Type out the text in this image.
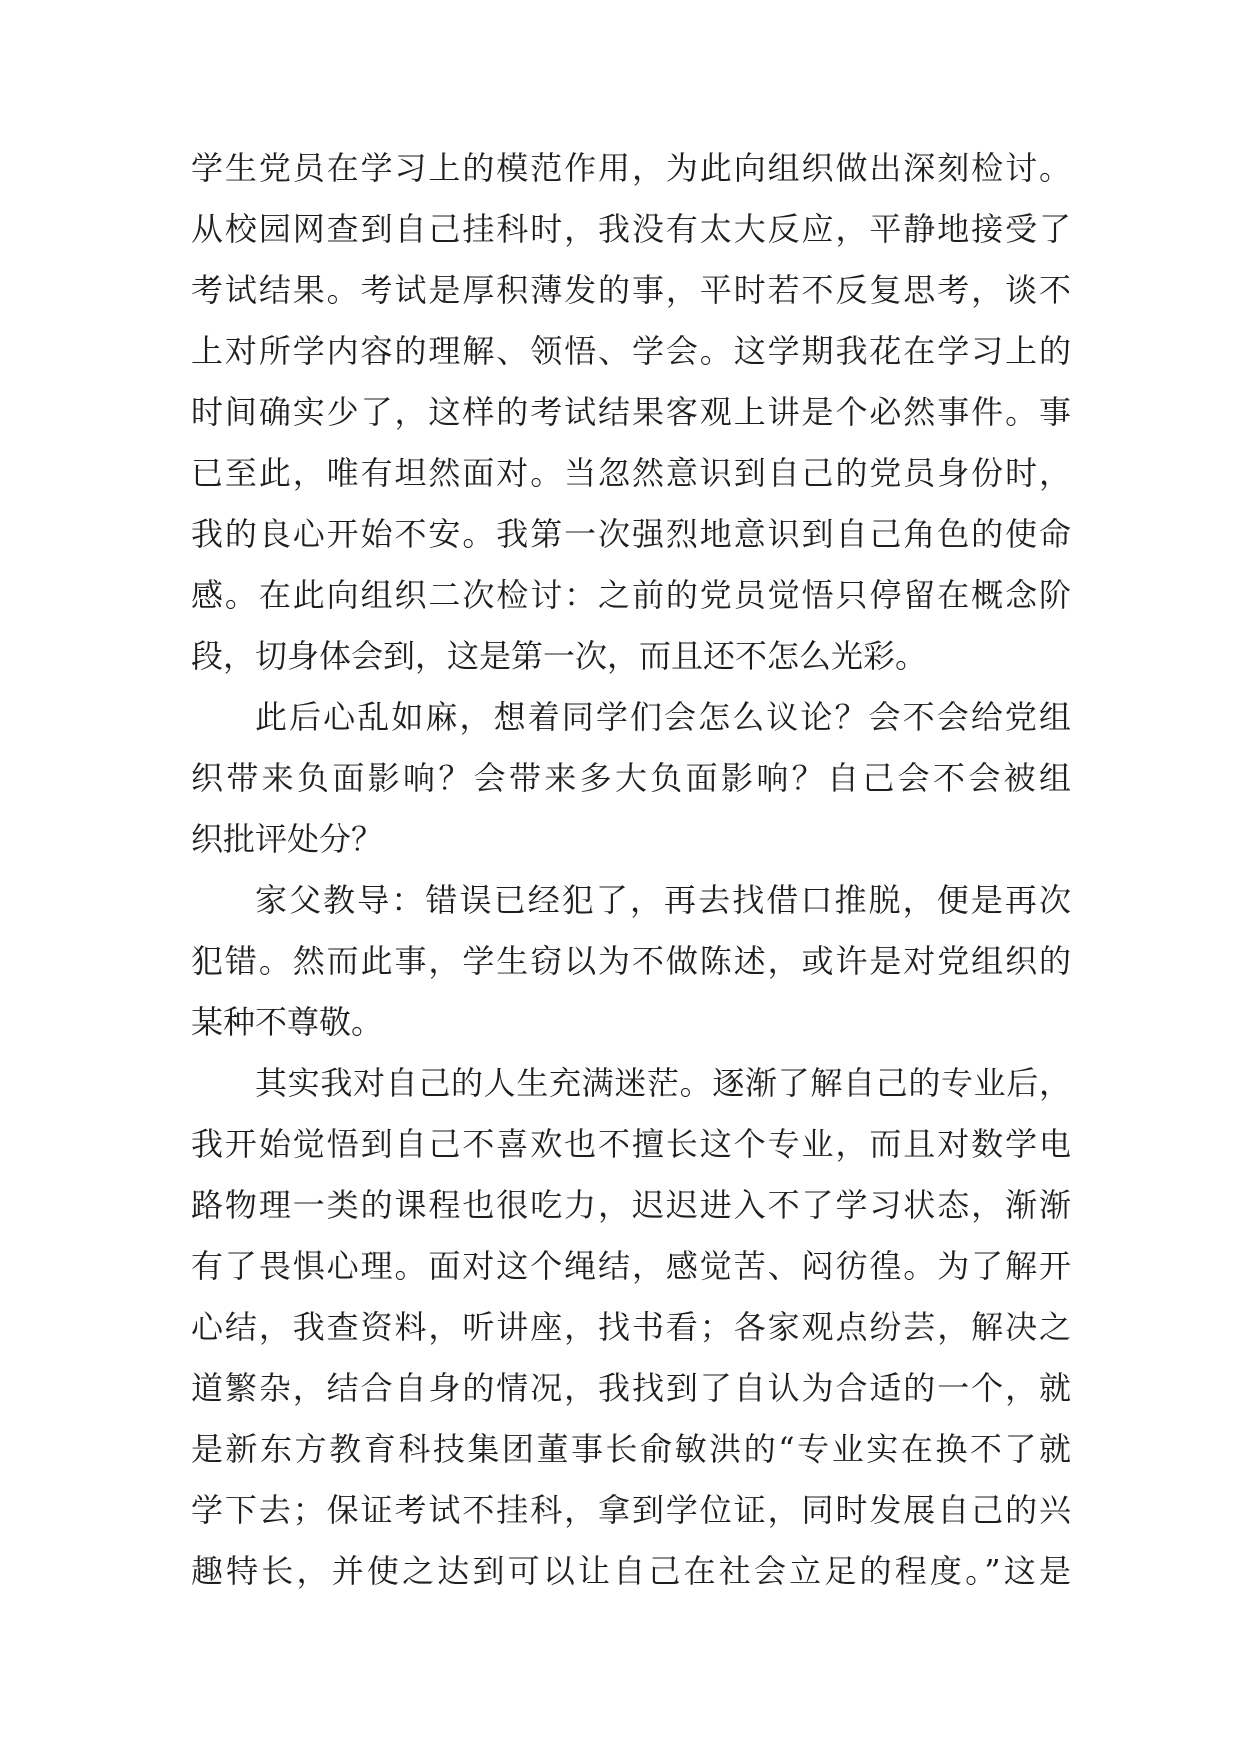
学生党员在学习上的模范作用，为此向组织做出深刻检讨。
从校园网查到自己挂科时，我没有太大反应，平静地接受了
考试结果。考试是厚积薄发的事，平时若不反复思考，谈不
上对所学内容的理解、领悟、学会。这学期我花在学习上的
时间确实少了，这样的考试结果客观上讲是个必然事件。事
已至此，唯有坦然面对。当忽然意识到自己的党员身份时，
我的良心开始不安。我第一次强烈地意识到自己角色的使命
感。在此向组织二次检讨：之前的党员觉悟只停留在概念阶
段，切身体会到，这是第一次，而且还不怎么光彩。
此后心乱如麻，想着同学们会怎么议论？会不会给党组
织带来负面影响？会带来多大负面影响？自己会不会被组
织批评处分？
家父教导：错误已经犯了，再去找借口推脱，便是再次
犯错。然而此事，学生窃以为不做陈述，或许是对党组织的
某种不尊敬。
其实我对自己的人生充满迷茫。逐渐了解自己的专业后，
我开始觉悟到自己不喜欢也不擅长这个专业，而且对数学电
路物理一类的课程也很吃力，迟迟进入不了学习状态，渐渐
有了畏惧心理。面对这个绳结，感觉苦、闷彷徨。为了解开
心结，我查资料，听讲座，找书看；各家观点纷芸，解决之
道繁杂，结合自身的情况，我找到了自认为合适的一个，就
是新东方教育科技集团董事长俞敏洪的“专业实在换不了就
学下去；保证考试不挂科，拿到学位证，同时发展自己的兴
趣特长，并使之达到可以让自己在社会立足的程度。”这是
